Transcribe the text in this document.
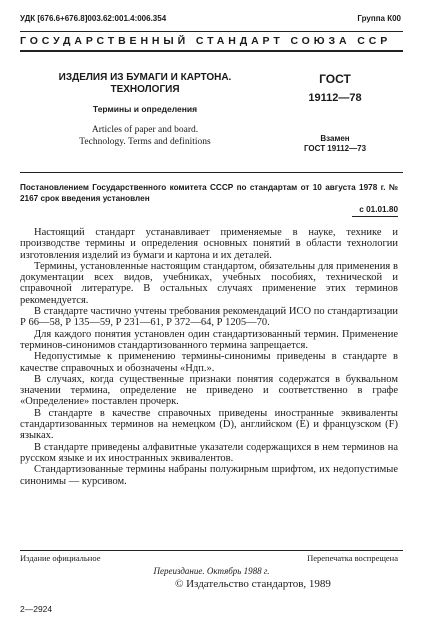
УДК [676.6+676.8]003.62:001.4:006.354	Группа К00
ГОСУДАРСТВЕННЫЙ СТАНДАРТ СОЮЗА ССР
ИЗДЕЛИЯ ИЗ БУМАГИ И КАРТОНА.
ТЕХНОЛОГИЯ
Термины и определения
Articles of paper and board.
Technology. Terms and definitions
ГОСТ
19112—78
Взамен
ГОСТ 19112—73
Постановлением Государственного комитета СССР по стандартам от 10 августа 1978 г. № 2167 срок введения установлен
с 01.01.80

Настоящий стандарт устанавливает применяемые в науке, технике и производстве термины и определения основных понятий в области технологии изготовления изделий из бумаги и картона и их деталей.

Термины, установленные настоящим стандартом, обязательны для применения в документации всех видов, учебниках, учебных пособиях, технической и справочной литературе. В остальных случаях применение этих терминов рекомендуется.

В стандарте частично учтены требования рекомендаций ИСО по стандартизации Р 66—58, Р 135—59, Р 231—61, Р 372—64, Р 1205—70.

Для каждого понятия установлен один стандартизованный термин. Применение терминов-синонимов стандартизованного термина запрещается.

Недопустимые к применению термины-синонимы приведены в стандарте в качестве справочных и обозначены «Ндп.».

В случаях, когда существенные признаки понятия содержатся в буквальном значении термина, определение не приведено и соответственно в графе «Определение» поставлен прочерк.

В стандарте в качестве справочных приведены иностранные эквиваленты стандартизованных терминов на немецком (D), английском (E) и французском (F) языках.

В стандарте приведены алфавитные указатели содержащихся в нем терминов на русском языке и их иностранных эквивалентов.

Стандартизованные термины набраны полужирным шрифтом, их недопустимые синонимы — курсивом.

Издание официальное	Перепечатка воспрещена
Переиздание. Октябрь 1988 г.
© Издательство стандартов, 1989
2—2924
